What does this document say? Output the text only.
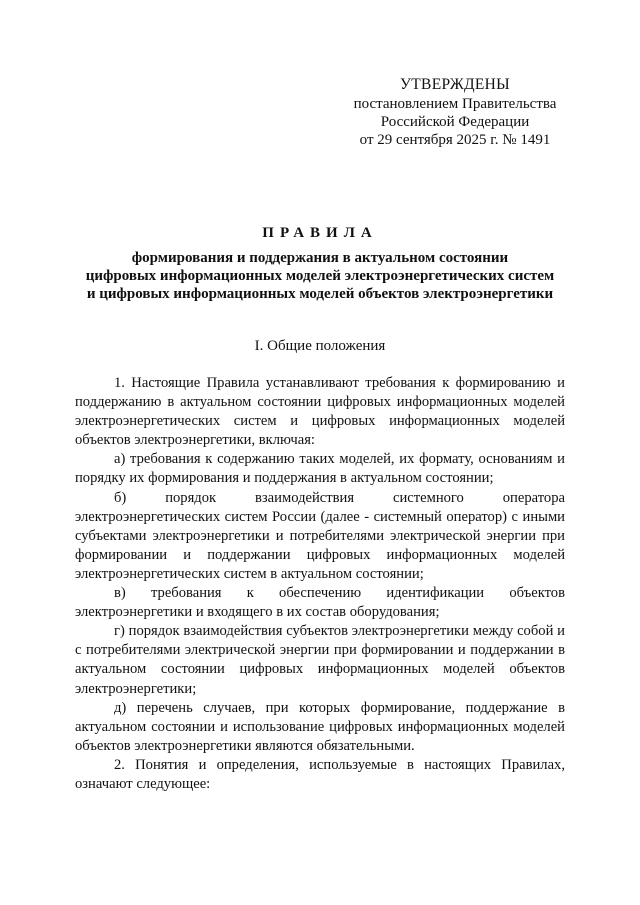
УТВЕРЖДЕНЫ
постановлением Правительства
Российской Федерации
от 29 сентября 2025 г. № 1491
ПРАВИЛА
формирования и поддержания в актуальном состоянии
цифровых информационных моделей электроэнергетических систем
и цифровых информационных моделей объектов электроэнергетики
I. Общие положения

1. Настоящие Правила устанавливают требования к формированию и поддержанию в актуальном состоянии цифровых информационных моделей электроэнергетических систем и цифровых информационных моделей объектов электроэнергетики, включая:

а) требования к содержанию таких моделей, их формату, основаниям и порядку их формирования и поддержания в актуальном состоянии;

б) порядок взаимодействия системного оператора электроэнергетических систем России (далее - системный оператор) с иными субъектами электроэнергетики и потребителями электрической энергии при формировании и поддержании цифровых информационных моделей электроэнергетических систем в актуальном состоянии;

в) требования к обеспечению идентификации объектов электроэнергетики и входящего в их состав оборудования;

г) порядок взаимодействия субъектов электроэнергетики между собой и с потребителями электрической энергии при формировании и поддержании в актуальном состоянии цифровых информационных моделей объектов электроэнергетики;

д) перечень случаев, при которых формирование, поддержание в актуальном состоянии и использование цифровых информационных моделей объектов электроэнергетики являются обязательными.

2. Понятия и определения, используемые в настоящих Правилах, означают следующее:
